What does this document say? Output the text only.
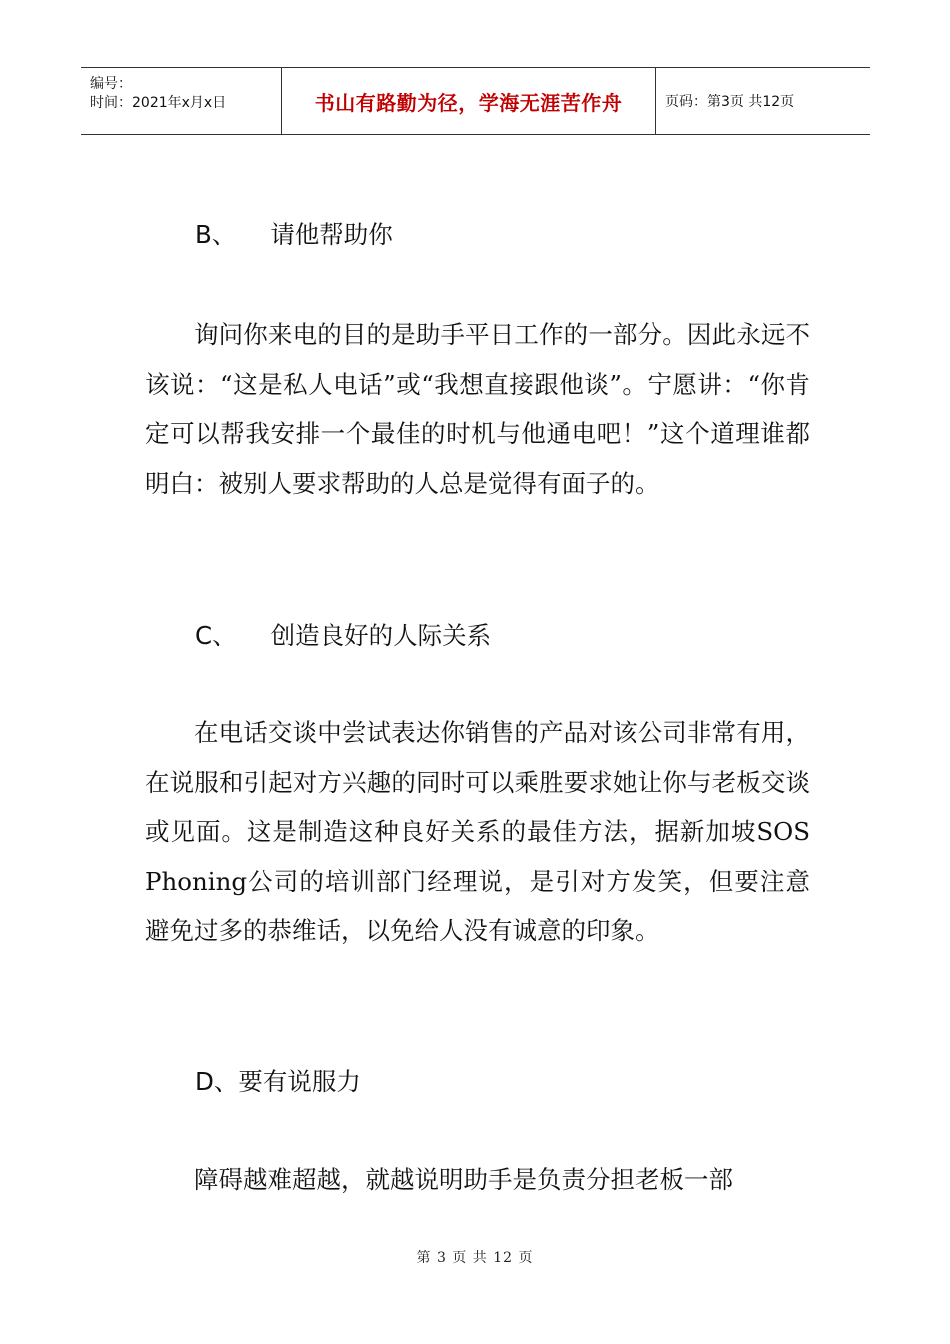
编号：
时间：2021年x月x日	书山有路勤为径，学海无涯苦作舟	页码：第3页 共12页
B、 请他帮助你
询问你来电的目的是助手平日工作的一部分。因此永远不该说：“这是私人电话”或“我想直接跟他谈”。宁愿讲：“你肯定可以帮我安排一个最佳的时机与他通电吧！”这个道理谁都明白：被别人要求帮助的人总是觉得有面子的。
C、 创造良好的人际关系
在电话交谈中尝试表达你销售的产品对该公司非常有用，在说服和引起对方兴趣的同时可以乘胜要求她让你与老板交谈或见面。这是制造这种良好关系的最佳方法，据新加坡SOS Phoning公司的培训部门经理说，是引对方发笑，但要注意避免过多的恭维话，以免给人没有诚意的印象。
D、要有说服力
障碍越难超越，就越说明助手是负责分担老板一部
第 3 页 共 12 页
